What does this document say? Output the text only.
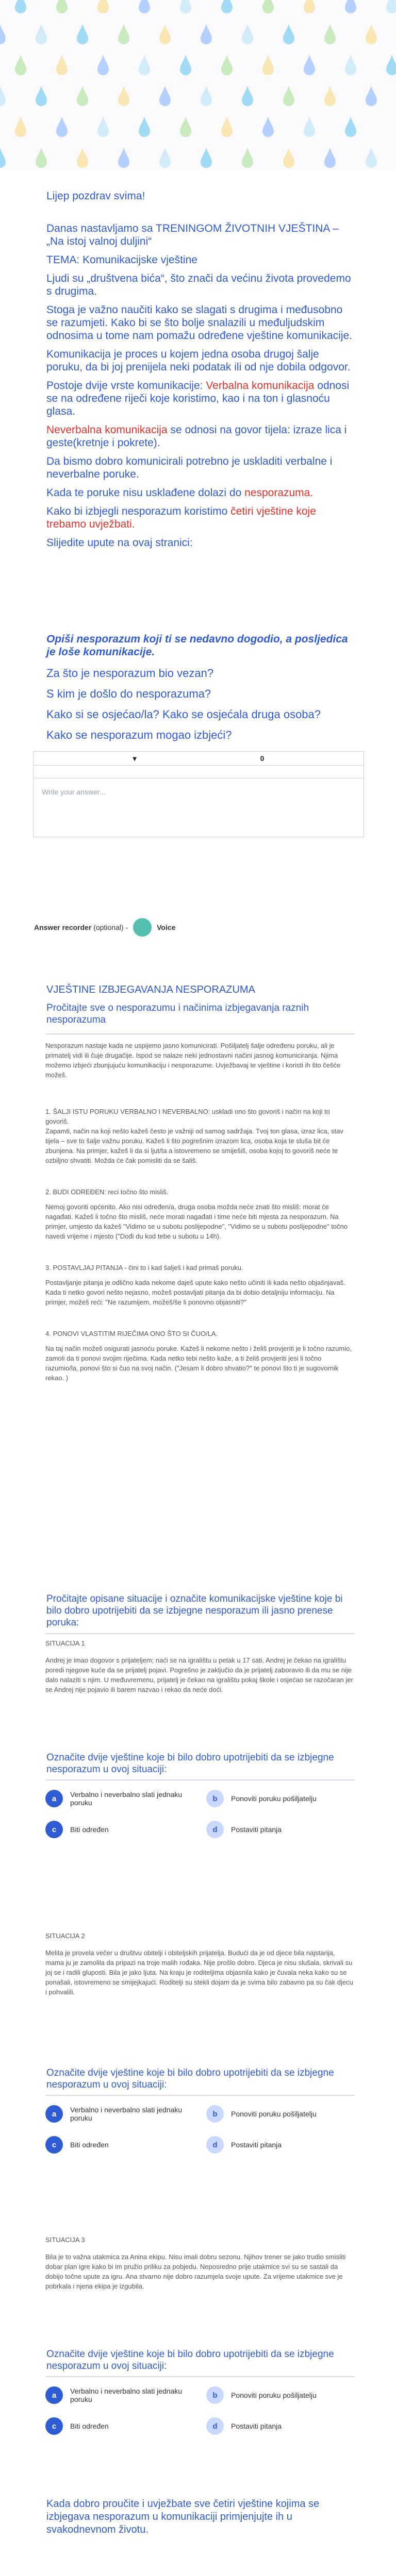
Lijep pozdrav svima!

Danas nastavljamo sa TRENINGOM ŽIVOTNIH VJEŠTINA – „Na istoj valnoj duljini“

TEMA: Komunikacijske vještine

Ljudi su „društvena bića“, što znači da većinu života provedemo s drugima.

Stoga je važno naučiti kako se slagati s drugima i međusobno se razumjeti. Kako bi se što bolje snalazili u međuljudskim odnosima u tome nam pomažu određene vještine komunikacije.

Komunikacija je proces u kojem jedna osoba drugoj šalje poruku, da bi joj prenijela neki podatak ili od nje dobila odgovor.

Postoje dvije vrste komunikacije: Verbalna komunikacija odnosi se na određene riječi koje koristimo, kao i na ton i glasnoću glasa.

Neverbalna komunikacija se odnosi na govor tijela: izraze lica i geste(kretnje i pokrete).

Da bismo dobro komunicirali potrebno je uskladiti verbalne i neverbalne poruke.

Kada te poruke nisu usklađene dolazi do nesporazuma.

Kako bi izbjegli nesporazum koristimo četiri vještine koje trebamo uvježbati.

Slijedite upute na ovaj stranici:

Opiši nesporazum koji ti se nedavno dogodio, a posljedica je loše komunikacije.

Za što je nesporazum bio vezan?

S kim je došlo do nesporazuma?

Kako si se osjećao/la? Kako se osjećala druga osoba?

Kako se nesporazum mogao izbjeći?

▾	0
Write your answer...
Answer recorder (optional) -	Voice
VJEŠTINE IZBJEGAVANJA NESPORAZUMA
Pročitajte sve o nesporazumu i načinima izbjegavanja raznih nesporazuma
Nesporazum nastaje kada ne uspijemo jasno komunicirati. Pošiljatelj šalje određenu poruku, ali je primatelj vidi ili čuje drugačije. Ispod se nalaze neki jednostavni načini jasnog komuniciranja. Njima možemo izbjeći zbunjujuću komunikaciju i nesporazume. Uvježbavaj te vještine i koristi ih što češće možeš.
1. ŠALJI ISTU PORUKU VERBALNO I NEVERBALNO: uskladi ono što govoriš i način na koji to govoriš.
Zapamti, način na koji nešto kažeš često je važniji od samog sadržaja. Tvoj ton glasa, izraz lica, stav tijela – sve to šalje važnu poruku. Kažeš li što pogrešnim izrazom lica, osoba koja te sluša bit će zbunjena. Na primjer, kažeš li da si ljut/ta a istovremeno se smiješiš, osoba kojoj to govoriš neće te ozbiljno shvatiti. Možda će čak pomisliti da se šališ.
2. BUDI ODREĐEN: reci točno što misliš.
Nemoj govoriti općenito. Ako nisi određen/a, druga osoba možda neće znati što misliš: morat će nagađati. Kažeš li točno što misliš, neće morati nagađati i time neće biti mjesta za nesporazum. Na primjer, umjesto da kažeš "Vidimo se u subotu poslijepodne", "Vidimo se u subotu poslijepodne" točno navedi vrijeme i mjesto ("Dođi du kod tebe u subotu u 14h).
3. POSTAVLJAJ PITANJA - čini to i kad šalješ i kad primaš poruku.
Postavljanje pitanja je odlično kada nekome daješ upute kako nešto učiniti ili kada nešto objašnjavaš. Kada ti netko govori nešto nejasno, možeš postavljati pitanja da bi dobio detaljniju informaciju. Na primjer, možeš reći: "Ne razumijem, možeš/še li ponovno objasniti?"
4. PONOVI VLASTITIM RIJEČIMA ONO ŠTO SI ČUO/LA.
Na taj način možeš osigurati jasnoću poruke. Kažeš li nekome nešto i želiš provjeriti je li točno razumio, zamoli da ti ponovi svojim riječima. Kada netko tebi nešto kaže, a ti želiš provjeriti jesi li točno razumio/la, ponovi što si čuo na svoj način. ("Jesam li dobro shvatio?" te ponovi što ti je sugovornik rekao. )
Pročitajte opisane situacije i označite komunikacijske vještine koje bi bilo dobro upotrijebiti da se izbjegne nesporazum ili jasno prenese poruka:
SITUACIJA 1
Andrej je imao dogovor s prijateljem; naći se na igralištu u petak u 17 sati. Andrej je čekao na igralištu poredi njegove kuće da se prijatelj pojavi. Pogrešno je zaključio da je prijatelj zaboravio ili da mu se nije dalo nalaziti s njim. U međuvremenu, prijatelj je čekao na igralištu pokaj škole i osjećao se razočaran jer se Andrej nije pojavio ili barem nazvao i rekao da neće doći.
Označite dvije vještine koje bi bilo dobro upotrijebiti da se izbjegne nesporazum u ovoj situaciji:
a	Verbalno i neverbalno slati jednaku poruku	b	Ponoviti poruku pošiljatelju
c	Biti određen	d	Postaviti pitanja
SITUACIJA 2
Melita je provela večer u društvu obitelji i obiteljskih prijatelja. Budući da je od djece bila najstarija, mama ju je zamolila da pripazi na troje malih rođaka. Nije prošlo dobro. Djeca je nisu slušala, skrivali su joj se i radili gluposti. Bila je jako ljuta. Na kraju je roditeljima objasnila kako je čuvala neka kako su se ponašali, istovremeno se smijejkajući. Roditelji su stekli dojam da je svima bilo zabavno pa su čak djecu i pohvalili.
Označite dvije vještine koje bi bilo dobro upotrijebiti da se izbjegne nesporazum u ovoj situaciji:
a	Verbalno i neverbalno slati jednaku poruku	b	Ponoviti poruku pošiljatelju
c	Biti određen	d	Postaviti pitanja
SITUACIJA 3
Bila je to važna utakmica za Anina ekipu. Nisu imali dobru sezonu. Njihov trener se jako trudio smisliti dobar plan igre kako bi im pružio priliku za pobjedu. Neposredno prije utakmice svi su se sastali da dobijo točne upute za igru. Ana stvarno nije dobro razumjela svoje upute. Za vrijeme utakmice sve je pobrkala i njena ekipa je izgubila.
Označite dvije vještine koje bi bilo dobro upotrijebiti da se izbjegne nesporazum u ovoj situaciji:
a	Verbalno i neverbalno slati jednaku poruku	b	Ponoviti poruku pošiljatelju
c	Biti određen	d	Postaviti pitanja
Kada dobro proučite i uvježbate sve četiri vještine kojima se izbjegava nesporazum u komunikaciji primjenjujte ih u svakodnevnom životu.
